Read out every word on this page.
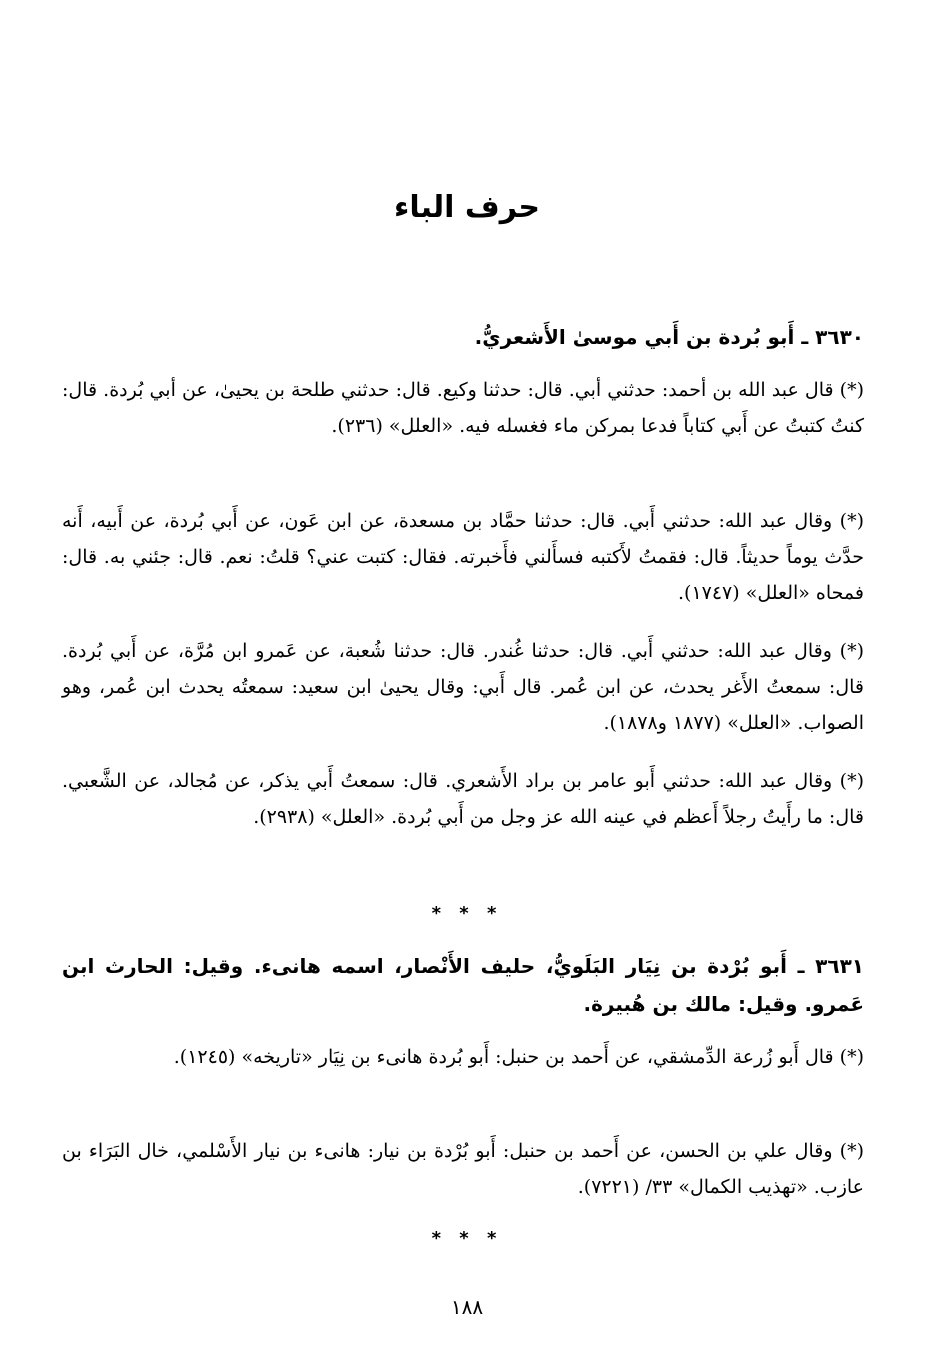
حرف الباء

٣٦٣٠ ـ أَبو بُردة بن أَبي موسىٰ الأَشعريُّ.

(*) قال عبد الله بن أحمد: حدثني أبي. قال: حدثنا وكيع. قال: حدثني طلحة بن يحيىٰ، عن أبي بُردة. قال: كنتُ كتبتُ عن أَبي كتاباً فدعا بمركن ماء فغسله فيه. «العلل» (٢٣٦).

(*) وقال عبد الله: حدثني أَبي. قال: حدثنا حمَّاد بن مسعدة، عن ابن عَون، عن أَبي بُردة، عن أَبيه، أَنه حدَّث يوماً حديثاً. قال: فقمتُ لأَكتبه فسأَلني فأَخبرته. فقال: كتبت عني؟ قلتُ: نعم. قال: جئني به. قال: فمحاه «العلل» (١٧٤٧).

(*) وقال عبد الله: حدثني أَبي. قال: حدثنا غُندر. قال: حدثنا شُعبة، عن عَمرو ابن مُرَّة، عن أَبي بُردة. قال: سمعتُ الأَغر يحدث، عن ابن عُمر. قال أَبي: وقال يحيىٰ ابن سعيد: سمعتُه يحدث ابن عُمر، وهو الصواب. «العلل» (١٨٧٧ و١٨٧٨).

(*) وقال عبد الله: حدثني أَبو عامر بن براد الأَشعري. قال: سمعتُ أَبي يذكر، عن مُجالد، عن الشَّعبي. قال: ما رأَيتُ رجلاً أَعظم في عينه الله عز وجل من أَبي بُردة. «العلل» (٢٩٣٨).

* * *

٣٦٣١ ـ أَبو بُرْدة بن نِيَار البَلَويُّ، حليف الأَنْصار، اسمه هانىء. وقيل: الحارث ابن عَمرو. وقيل: مالك بن هُبيرة.

(*) قال أَبو زُرعة الدِّمشقي، عن أَحمد بن حنبل: أَبو بُردة هانىء بن نِيَار «تاريخه» (١٢٤٥).

(*) وقال علي بن الحسن، عن أَحمد بن حنبل: أَبو بُرْدة بن نيار: هانىء بن نيار الأَسْلمي، خال البَرَاء بن عازب. «تهذيب الكمال» ٣٣/ (٧٢٢١).

* * *
١٨٨
